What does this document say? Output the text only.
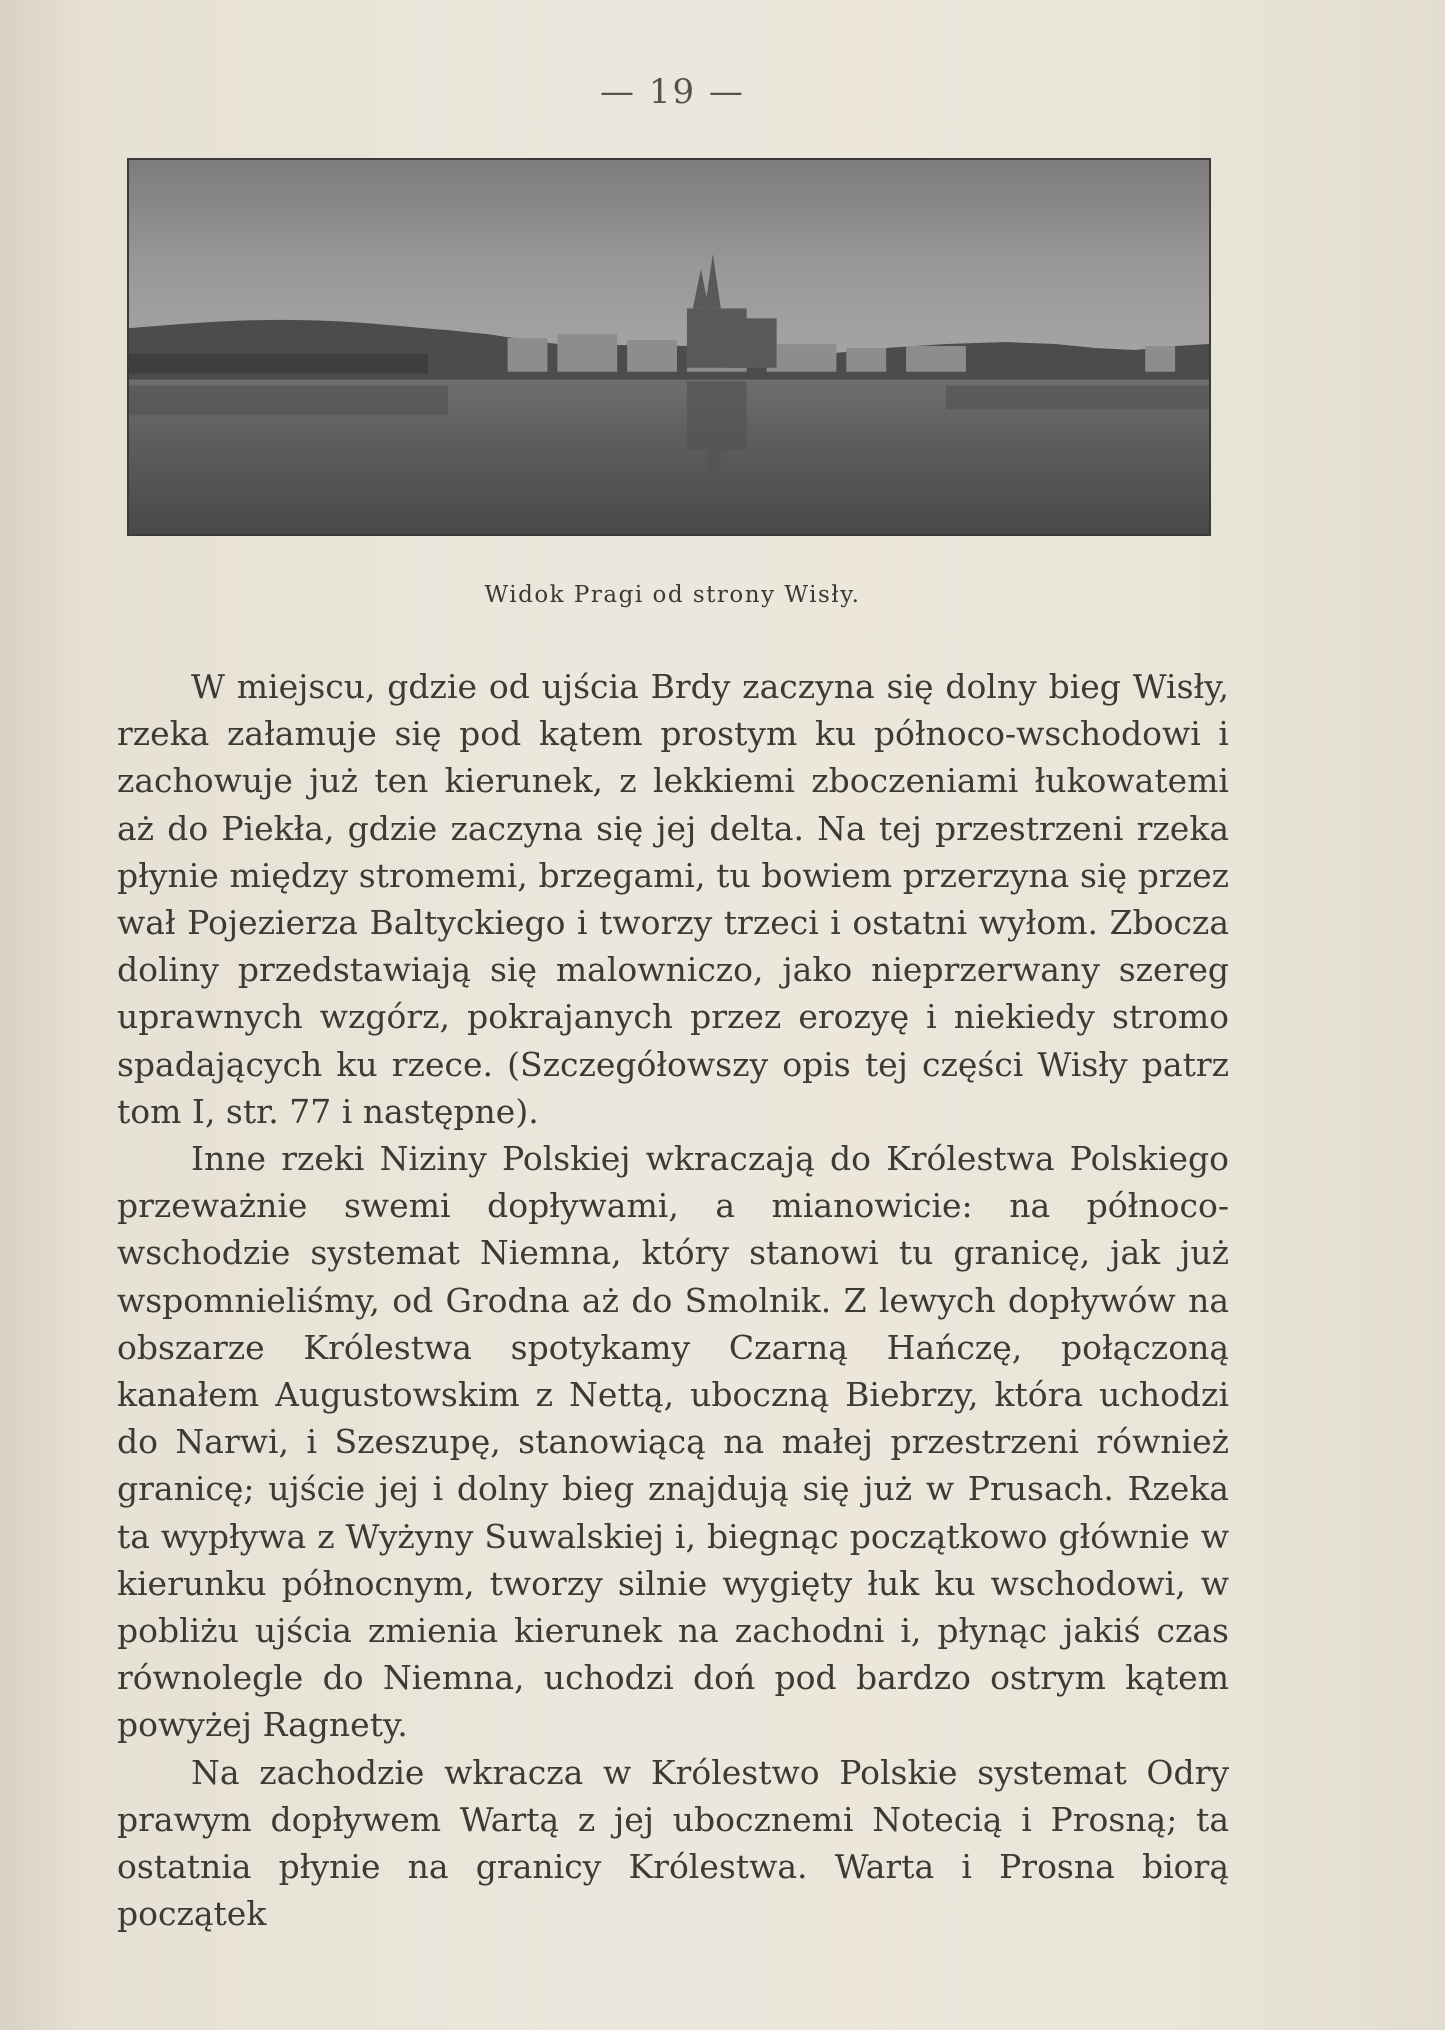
— 19 —
Widok Pragi od strony Wisły.

W miejscu, gdzie od ujścia Brdy zaczyna się dolny bieg Wisły, rzeka załamuje się pod kątem prostym ku północo-wschodowi i zachowuje już ten kierunek, z lekkiemi zboczeniami łukowatemi aż do Piekła, gdzie zaczyna się jej delta. Na tej przestrzeni rzeka płynie między stromemi, brzegami, tu bowiem przerzyna się przez wał Pojezierza Baltyckiego i tworzy trzeci i ostatni wyłom. Zbocza doliny przedstawiają się malowniczo, jako nieprzerwany szereg uprawnych wzgórz, pokrajanych przez erozyę i niekiedy stromo spadających ku rzece. (Szczegółowszy opis tej części Wisły patrz tom I, str. 77 i następne).

Inne rzeki Niziny Polskiej wkraczają do Królestwa Polskiego przeważnie swemi dopływami, a mianowicie: na północo-wschodzie systemat Niemna, który stanowi tu granicę, jak już wspomnieliśmy, od Grodna aż do Smolnik. Z lewych dopływów na obszarze Królestwa spotykamy Czarną Hańczę, połączoną kanałem Augustowskim z Nettą, uboczną Biebrzy, która uchodzi do Narwi, i Szeszupę, stanowiącą na małej przestrzeni również granicę; ujście jej i dolny bieg znajdują się już w Prusach. Rzeka ta wypływa z Wyżyny Suwalskiej i, biegnąc początkowo głównie w kierunku północnym, tworzy silnie wygięty łuk ku wschodowi, w pobliżu ujścia zmienia kierunek na zachodni i, płynąc jakiś czas równolegle do Niemna, uchodzi doń pod bardzo ostrym kątem powyżej Ragnety.

Na zachodzie wkracza w Królestwo Polskie systemat Odry prawym dopływem Wartą z jej ubocznemi Notecią i Prosną; ta ostatnia płynie na granicy Królestwa. Warta i Prosna biorą początek
